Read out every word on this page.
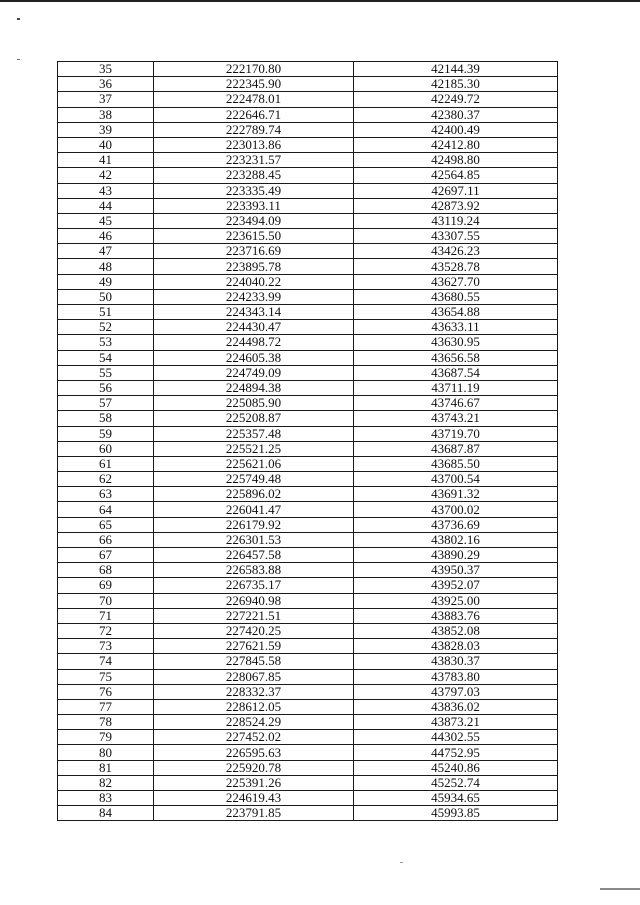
35	222170.80	42144.39
36	222345.90	42185.30
37	222478.01	42249.72
38	222646.71	42380.37
39	222789.74	42400.49
40	223013.86	42412.80
41	223231.57	42498.80
42	223288.45	42564.85
43	223335.49	42697.11
44	223393.11	42873.92
45	223494.09	43119.24
46	223615.50	43307.55
47	223716.69	43426.23
48	223895.78	43528.78
49	224040.22	43627.70
50	224233.99	43680.55
51	224343.14	43654.88
52	224430.47	43633.11
53	224498.72	43630.95
54	224605.38	43656.58
55	224749.09	43687.54
56	224894.38	43711.19
57	225085.90	43746.67
58	225208.87	43743.21
59	225357.48	43719.70
60	225521.25	43687.87
61	225621.06	43685.50
62	225749.48	43700.54
63	225896.02	43691.32
64	226041.47	43700.02
65	226179.92	43736.69
66	226301.53	43802.16
67	226457.58	43890.29
68	226583.88	43950.37
69	226735.17	43952.07
70	226940.98	43925.00
71	227221.51	43883.76
72	227420.25	43852.08
73	227621.59	43828.03
74	227845.58	43830.37
75	228067.85	43783.80
76	228332.37	43797.03
77	228612.05	43836.02
78	228524.29	43873.21
79	227452.02	44302.55
80	226595.63	44752.95
81	225920.78	45240.86
82	225391.26	45252.74
83	224619.43	45934.65
84	223791.85	45993.85
